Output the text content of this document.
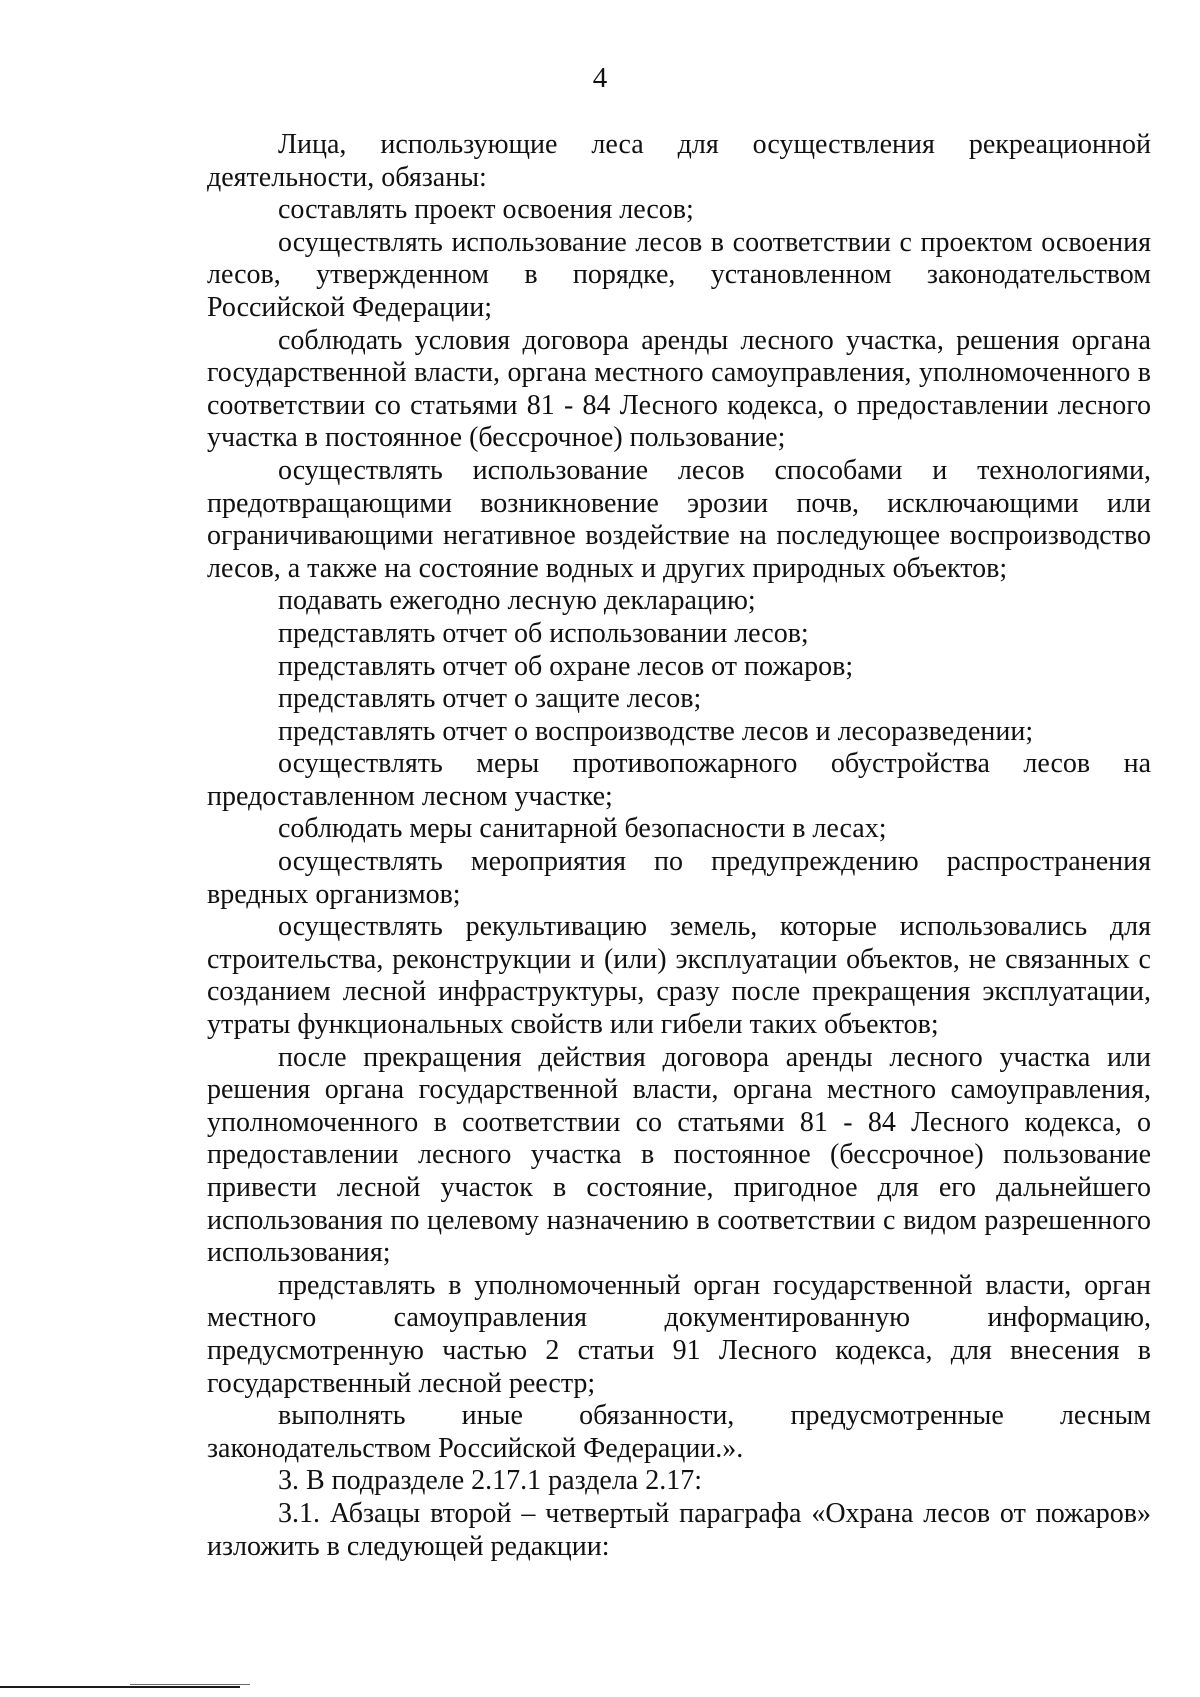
4

Лица, использующие леса для осуществления рекреационной деятельности, обязаны:

составлять проект освоения лесов;

осуществлять использование лесов в соответствии с проектом освоения лесов, утвержденном в порядке, установленном законодательством Российской Федерации;

соблюдать условия договора аренды лесного участка, решения органа государственной власти, органа местного самоуправления, уполномоченного в соответствии со статьями 81 - 84 Лесного кодекса, о предоставлении лесного участка в постоянное (бессрочное) пользование;

осуществлять использование лесов способами и технологиями, предотвращающими возникновение эрозии почв, исключающими или ограничивающими негативное воздействие на последующее воспроизводство лесов, а также на состояние водных и других природных объектов;

подавать ежегодно лесную декларацию;

представлять отчет об использовании лесов;

представлять отчет об охране лесов от пожаров;

представлять отчет о защите лесов;

представлять отчет о воспроизводстве лесов и лесоразведении;

осуществлять меры противопожарного обустройства лесов на предоставленном лесном участке;

соблюдать меры санитарной безопасности в лесах;

осуществлять мероприятия по предупреждению распространения вредных организмов;

осуществлять рекультивацию земель, которые использовались для строительства, реконструкции и (или) эксплуатации объектов, не связанных с созданием лесной инфраструктуры, сразу после прекращения эксплуатации, утраты функциональных свойств или гибели таких объектов;

после прекращения действия договора аренды лесного участка или решения органа государственной власти, органа местного самоуправления, уполномоченного в соответствии со статьями 81 - 84 Лесного кодекса, о предоставлении лесного участка в постоянное (бессрочное) пользование привести лесной участок в состояние, пригодное для его дальнейшего использования по целевому назначению в соответствии с видом разрешенного использования;

представлять в уполномоченный орган государственной власти, орган местного самоуправления документированную информацию, предусмотренную частью 2 статьи 91 Лесного кодекса, для внесения в государственный лесной реестр;

выполнять иные обязанности, предусмотренные лесным законодательством Российской Федерации.».

3. В подразделе 2.17.1 раздела 2.17:

3.1. Абзацы второй – четвертый параграфа «Охрана лесов от пожаров» изложить в следующей редакции:
